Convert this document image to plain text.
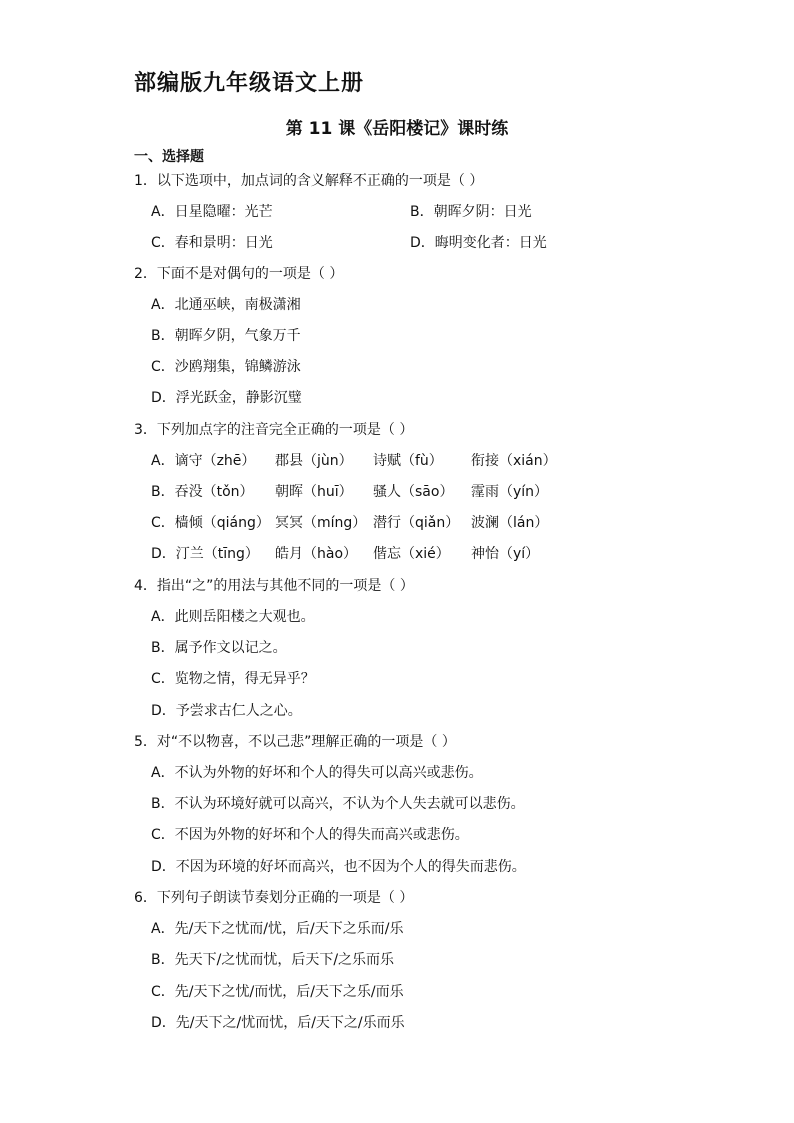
部编版九年级语文上册
第 11 课《岳阳楼记》课时练
一、选择题
1．以下选项中，加点词的含义解释不正确的一项是（ ）
A．日星隐曜：光芒	B．朝晖夕阴：日光
C．春和景明：日光	D．晦明变化者：日光
2．下面不是对偶句的一项是（ ）
A．北通巫峡，南极潇湘
B．朝晖夕阴，气象万千
C．沙鸥翔集，锦鳞游泳
D．浮光跃金，静影沉璧
3．下列加点字的注音完全正确的一项是（ ）
A．谪守（zhē） 郡县（jùn） 诗赋（fù） 衔接（xián）
B．吞没（tǒn） 朝晖（huī） 骚人（sāo） 霪雨（yín）
C．樯倾（qiáng） 冥冥（míng） 潜行（qiǎn） 波澜（lán）
D．汀兰（tīng） 皓月（hào） 偕忘（xié） 神怡（yí）
4．指出“之”的用法与其他不同的一项是（ ）
A．此则岳阳楼之大观也。
B．属予作文以记之。
C．览物之情，得无异乎？
D．予尝求古仁人之心。
5．对“不以物喜，不以己悲”理解正确的一项是（ ）
A．不认为外物的好坏和个人的得失可以高兴或悲伤。
B．不认为环境好就可以高兴，不认为个人失去就可以悲伤。
C．不因为外物的好坏和个人的得失而高兴或悲伤。
D．不因为环境的好坏而高兴，也不因为个人的得失而悲伤。
6．下列句子朗读节奏划分正确的一项是（ ）
A．先/天下之忧而/忧，后/天下之乐而/乐
B．先天下/之忧而忧，后天下/之乐而乐
C．先/天下之忧/而忧，后/天下之乐/而乐
D．先/天下之/忧而忧，后/天下之/乐而乐
